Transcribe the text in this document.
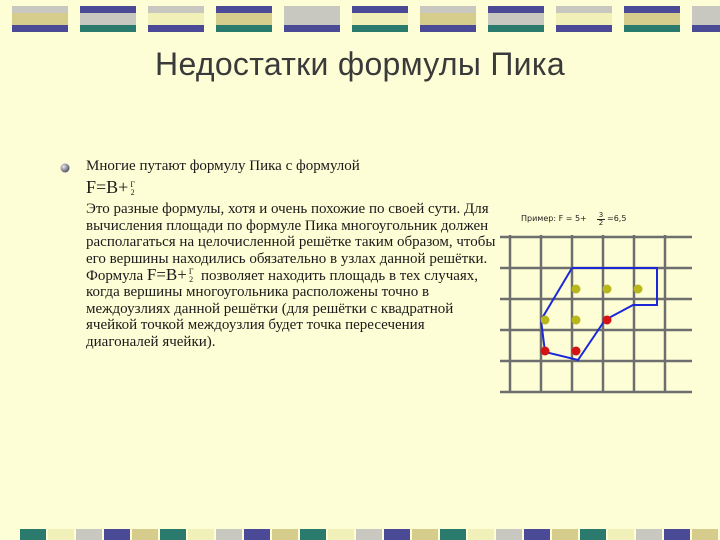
Недостатки формулы Пика

Многие путают формулу Пика с формулой

F=B+ Г
2

Это разные формулы, хотя и очень похожие по своей сути. Для вычисления площади по формуле Пика многоугольник должен располагаться на целочисленной решётке таким образом, чтобы его вершины находились обязательно в узлах данной решётки. Формула F=B+ Г
2 позволяет находить площадь в тех случаях, когда вершины многоугольника расположены точно в междоузлиях данной решётки (для решётки с квадратной ячейкой точкой междоузлия будет точка пересечения диагоналей ячейки).

Пример: $F = 5+ \frac{3}{2} =6,5$
